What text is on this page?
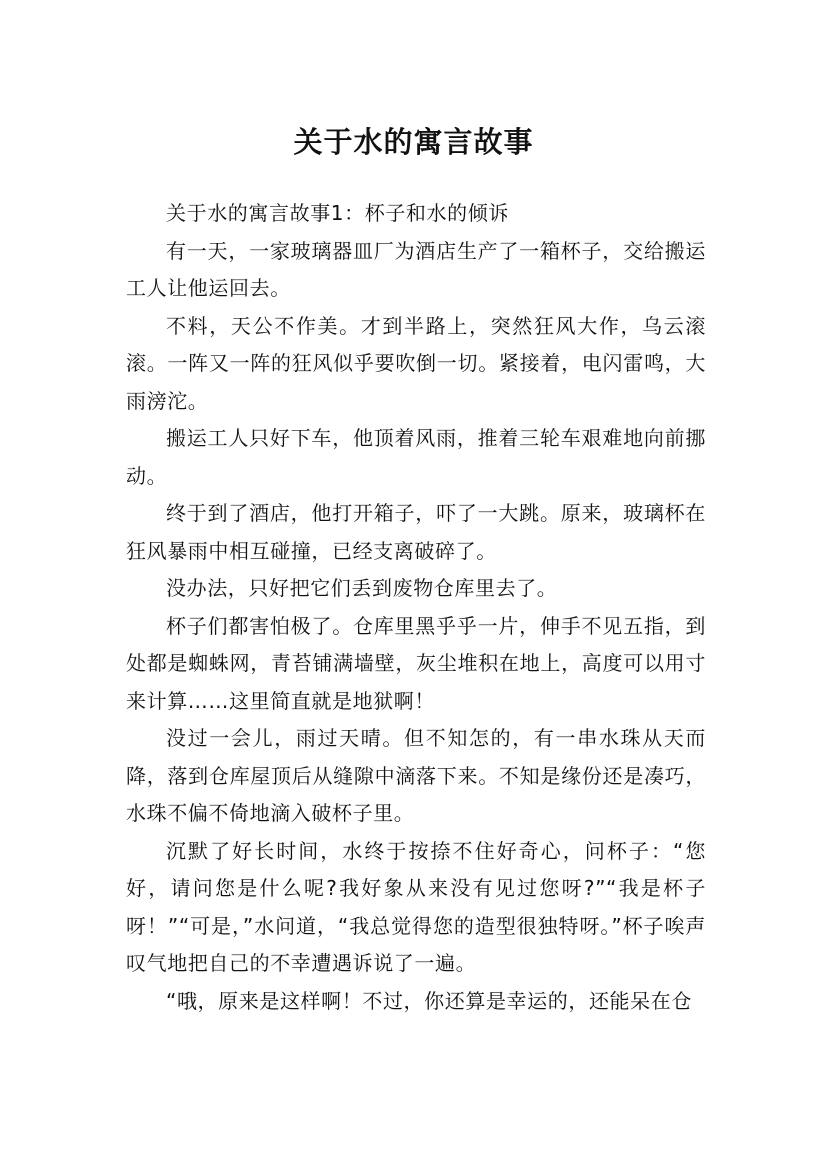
关于水的寓言故事

关于水的寓言故事1：杯子和水的倾诉

有一天，一家玻璃器皿厂为酒店生产了一箱杯子，交给搬运工人让他运回去。

不料，天公不作美。才到半路上，突然狂风大作，乌云滚滚。一阵又一阵的狂风似乎要吹倒一切。紧接着，电闪雷鸣，大雨滂沱。

搬运工人只好下车，他顶着风雨，推着三轮车艰难地向前挪动。

终于到了酒店，他打开箱子，吓了一大跳。原来，玻璃杯在狂风暴雨中相互碰撞，已经支离破碎了。

没办法，只好把它们丢到废物仓库里去了。

杯子们都害怕极了。仓库里黑乎乎一片，伸手不见五指，到处都是蜘蛛网，青苔铺满墙壁，灰尘堆积在地上，高度可以用寸来计算……这里简直就是地狱啊！

没过一会儿，雨过天晴。但不知怎的，有一串水珠从天而降，落到仓库屋顶后从缝隙中滴落下来。不知是缘份还是凑巧，水珠不偏不倚地滴入破杯子里。

沉默了好长时间，水终于按捺不住好奇心，问杯子：“您好，请问您是什么呢?我好象从来没有见过您呀?”“我是杯子呀！”“可是，”水问道，“我总觉得您的造型很独特呀。”杯子唉声叹气地把自己的不幸遭遇诉说了一遍。

“哦，原来是这样啊！不过，你还算是幸运的，还能呆在仓
